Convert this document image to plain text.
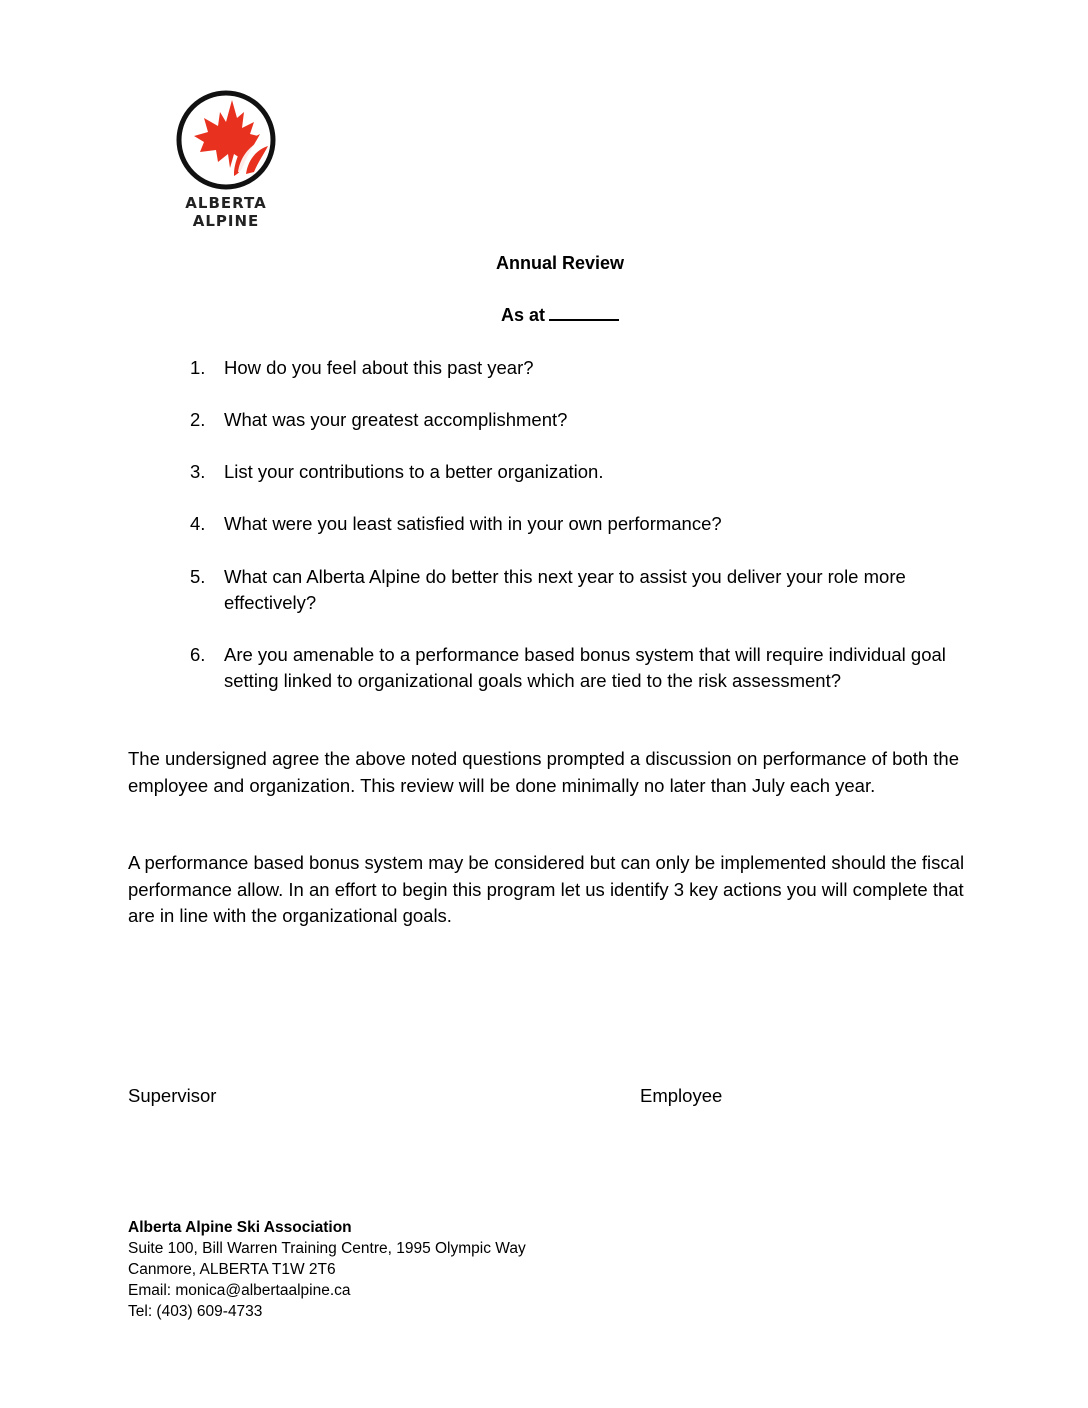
ALBERTA ALPINE
Annual Review
As at
1. How do you feel about this past year?
2. What was your greatest accomplishment?
3. List your contributions to a better organization.
4. What were you least satisfied with in your own performance?
5. What can Alberta Alpine do better this next year to assist you deliver your role more effectively?
6. Are you amenable to a performance based bonus system that will require individual goal setting linked to organizational goals which are tied to the risk assessment?
The undersigned agree the above noted questions prompted a discussion on performance of both the employee and organization. This review will be done minimally no later than July each year.
A performance based bonus system may be considered but can only be implemented should the fiscal performance allow. In an effort to begin this program let us identify 3 key actions you will complete that are in line with the organizational goals.
Supervisor	Employee
Alberta Alpine Ski Association
Suite 100, Bill Warren Training Centre, 1995 Olympic Way
Canmore, ALBERTA T1W 2T6
Email: monica@albertaalpine.ca
Tel: (403) 609-4733
